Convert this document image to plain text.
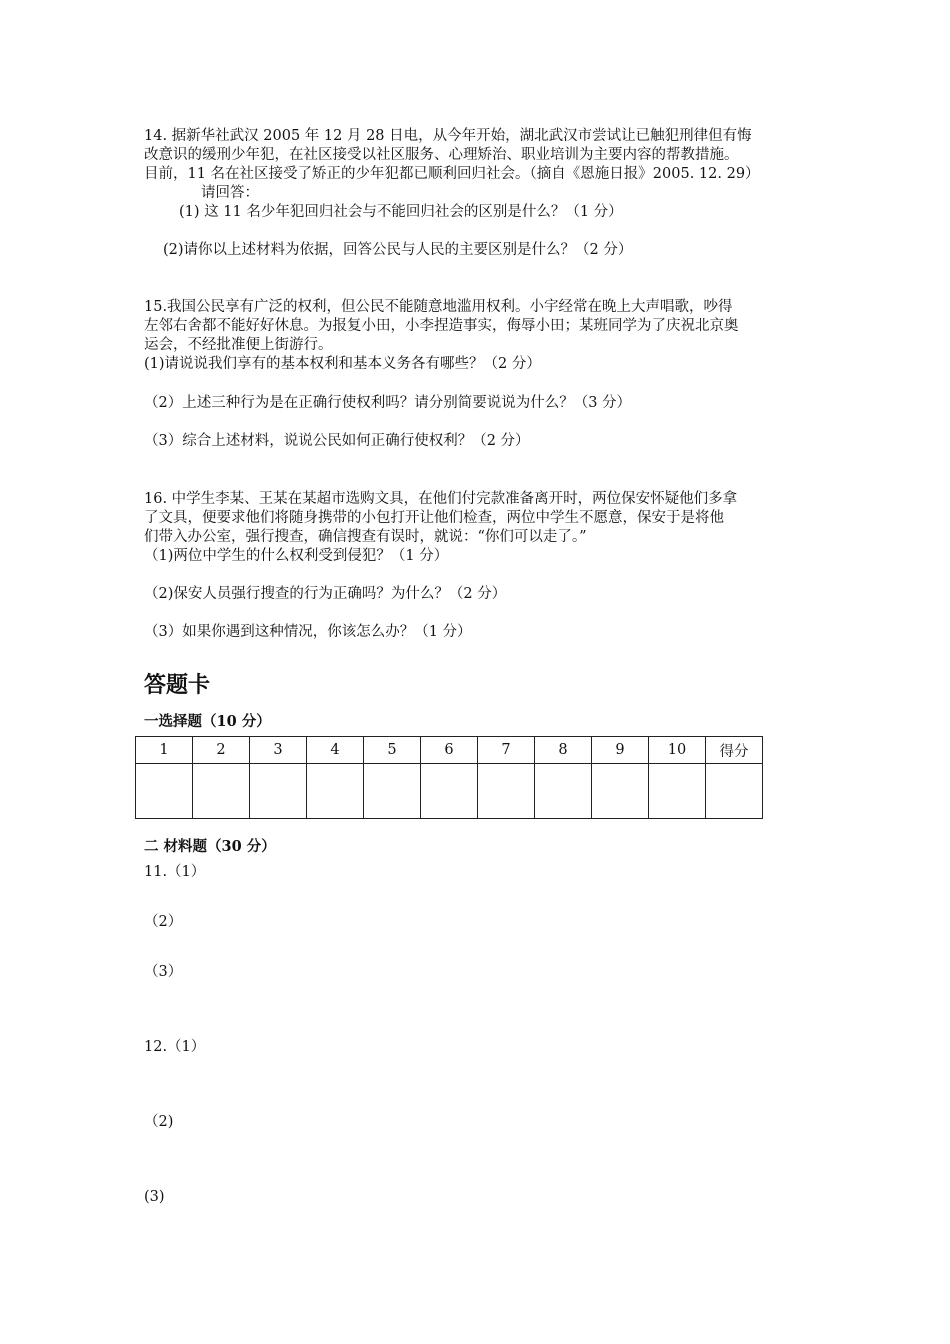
14. 据新华社武汉 2005 年 12 月 28 日电，从今年开始，湖北武汉市尝试让已触犯刑律但有悔
改意识的缓刑少年犯，在社区接受以社区服务、心理矫治、职业培训为主要内容的帮教措施。
目前，11 名在社区接受了矫正的少年犯都已顺利回归社会。（摘自《恩施日报》2005. 12. 29）
请回答：
(1) 这 11 名少年犯回归社会与不能回归社会的区别是什么？（1 分）
(2)请你以上述材料为依据，回答公民与人民的主要区别是什么？（2 分）
15.我国公民享有广泛的权利，但公民不能随意地滥用权利。小宇经常在晚上大声唱歌，吵得
左邻右舍都不能好好休息。为报复小田，小李捏造事实，侮辱小田；某班同学为了庆祝北京奥
运会，不经批准便上街游行。
(1)请说说我们享有的基本权利和基本义务各有哪些？（2 分）
（2）上述三种行为是在正确行使权利吗？请分别简要说说为什么？（3 分）
（3）综合上述材料，说说公民如何正确行使权利？（2 分）
16. 中学生李某、王某在某超市选购文具，在他们付完款准备离开时，两位保安怀疑他们多拿
了文具，便要求他们将随身携带的小包打开让他们检查，两位中学生不愿意，保安于是将他
们带入办公室，强行搜查，确信搜查有误时，就说：“你们可以走了。”
（1)两位中学生的什么权利受到侵犯？（1 分）
（2)保安人员强行搜查的行为正确吗？为什么？（2 分）
（3）如果你遇到这种情况，你该怎么办？（1 分）
答题卡
一选择题（10 分）
1	2	3	4	5	6	7	8	9	10	得分

二 材料题（30 分）
11.（1）
（2）
（3）
12.（1）
（2)
(3)
